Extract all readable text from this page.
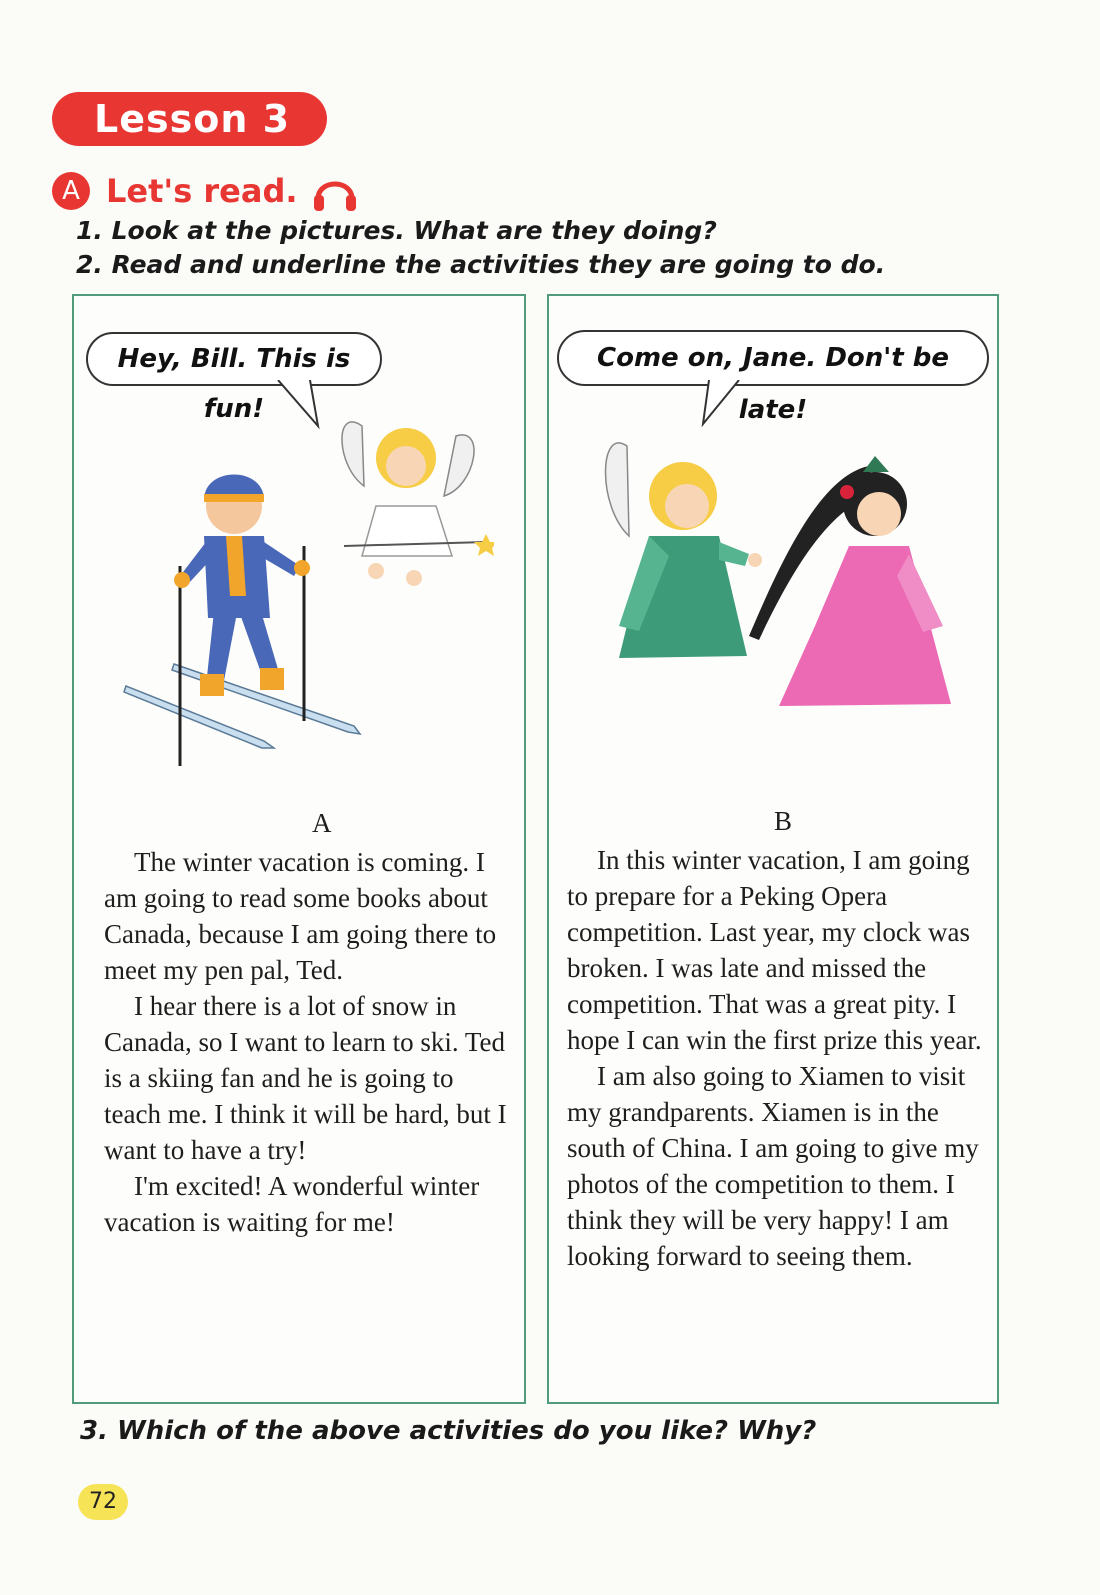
Lesson 3
A Let's read.
1. Look at the pictures. What are they doing?
2. Read and underline the activities they are going to do.
Hey, Bill. This is fun!
A

The winter vacation is coming. I am going to read some books about Canada, because I am going there to meet my pen pal, Ted.

I hear there is a lot of snow in Canada, so I want to learn to ski. Ted is a skiing fan and he is going to teach me. I think it will be hard, but I want to have a try!

I'm excited! A wonderful winter vacation is waiting for me!

Come on, Jane. Don't be late!
B

In this winter vacation, I am going to prepare for a Peking Opera competition. Last year, my clock was broken. I was late and missed the competition. That was a great pity. I hope I can win the first prize this year.

I am also going to Xiamen to visit my grandparents. Xiamen is in the south of China. I am going to give my photos of the competition to them. I think they will be very happy! I am looking forward to seeing them.

3. Which of the above activities do you like? Why?
72
